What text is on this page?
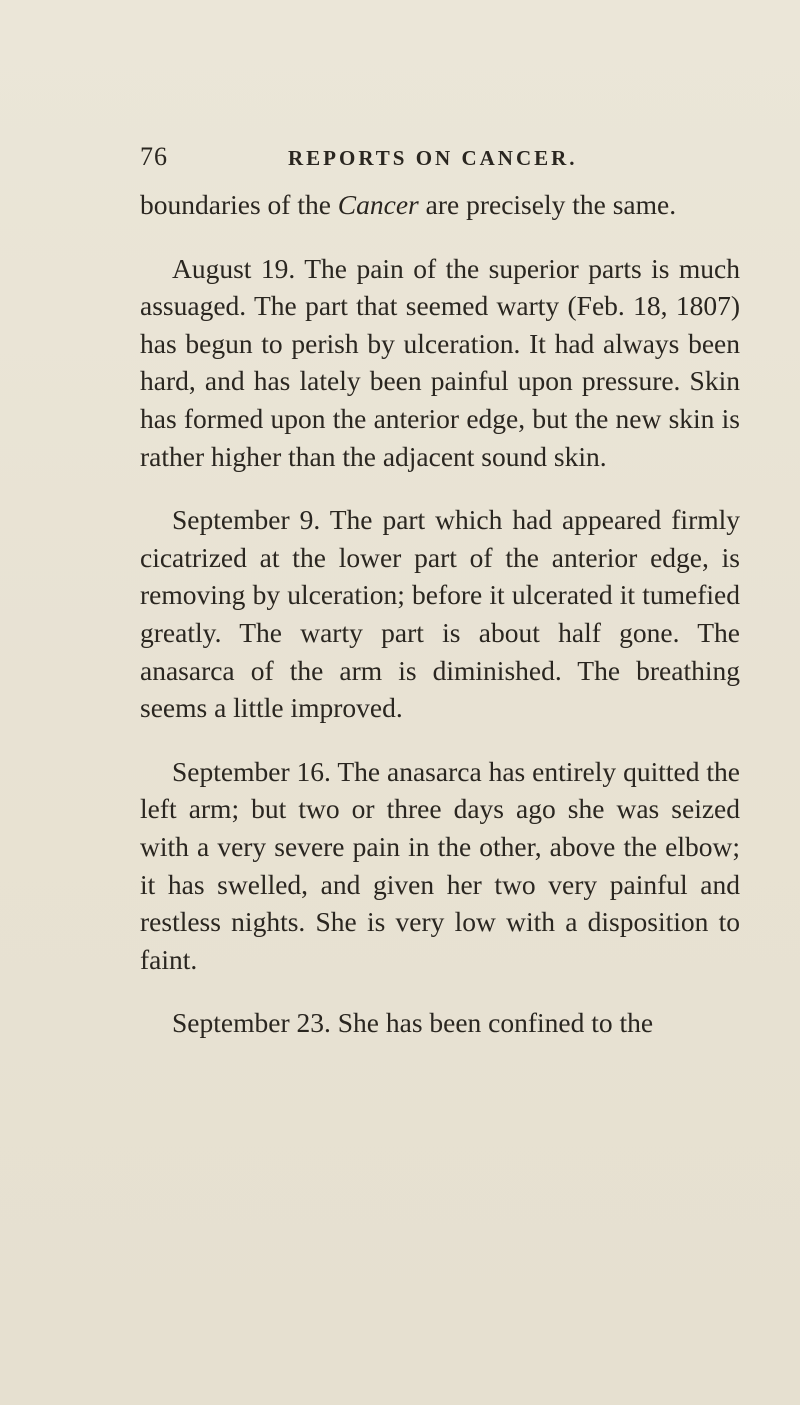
76	REPORTS ON CANCER.

boundaries of the Cancer are precisely the same.

August 19. The pain of the superior parts is much assuaged. The part that seemed warty (Feb. 18, 1807) has begun to perish by ulceration. It had always been hard, and has lately been painful upon pressure. Skin has formed upon the anterior edge, but the new skin is rather higher than the adjacent sound skin.

September 9. The part which had appeared firmly cicatrized at the lower part of the anterior edge, is removing by ulceration; before it ulcerated it tumefied greatly. The warty part is about half gone. The anasarca of the arm is diminished. The breathing seems a little improved.

September 16. The anasarca has entirely quitted the left arm; but two or three days ago she was seized with a very severe pain in the other, above the elbow; it has swelled, and given her two very painful and restless nights. She is very low with a disposition to faint.

September 23. She has been confined to the
